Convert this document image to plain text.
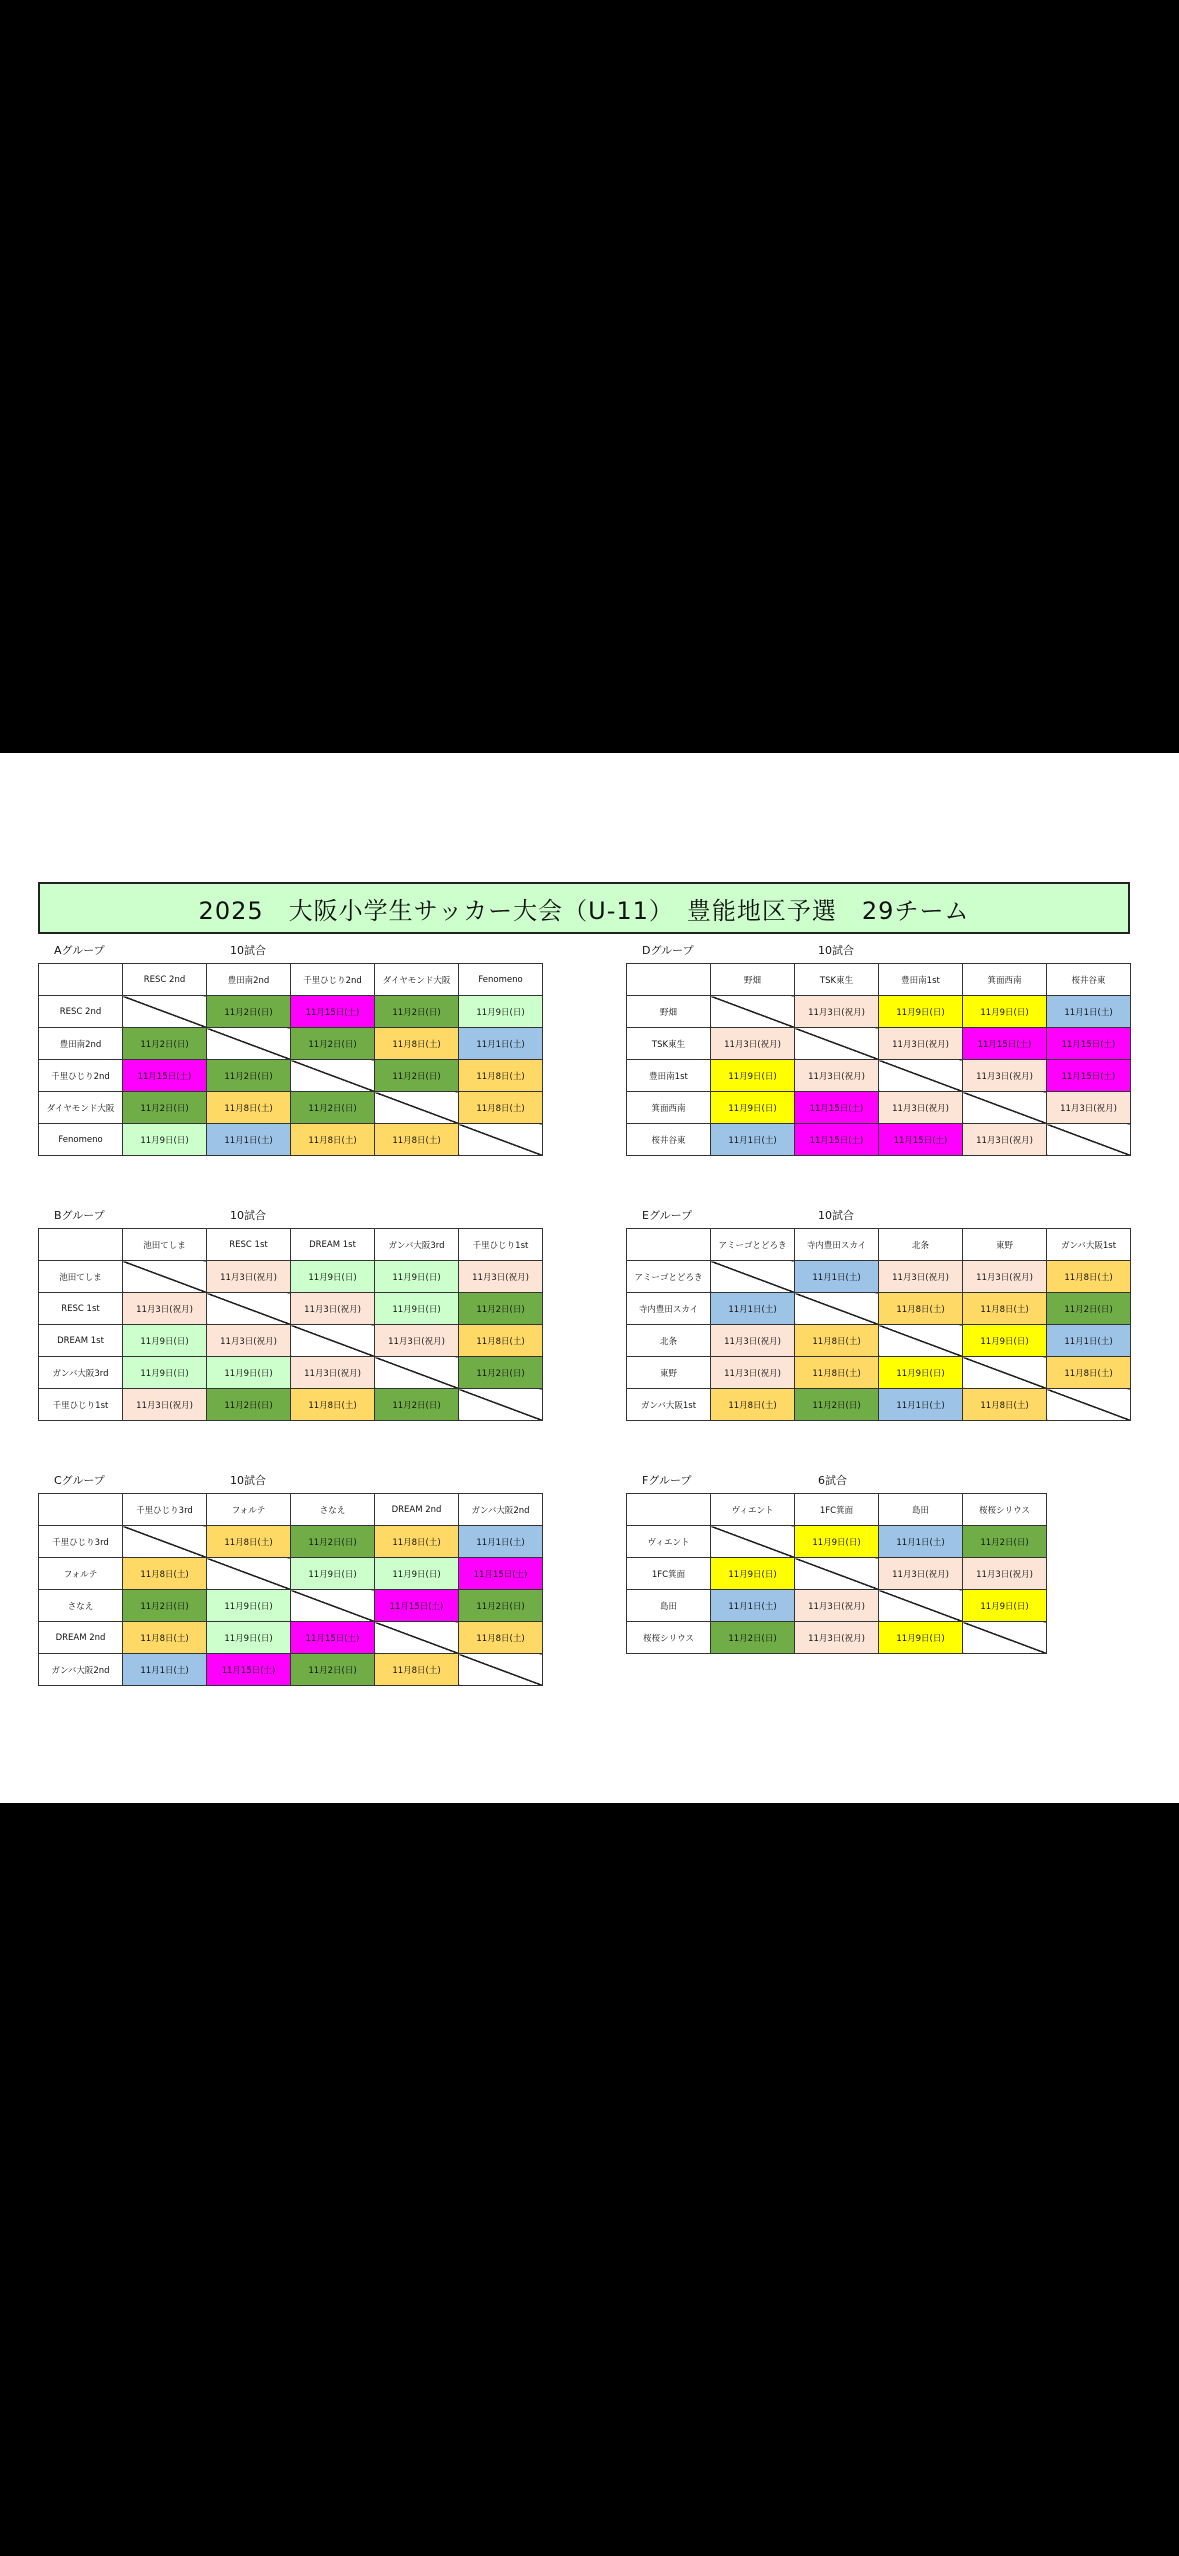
2025　大阪小学生サッカー大会（U-11）　豊能地区予選　29チーム
Aグループ	10試合
	RESC 2nd	豊田南2nd	千里ひじり2nd	ダイヤモンド大阪	Fenomeno
RESC 2nd		11月2日(日)	11月15日(土)	11月2日(日)	11月9日(日)
豊田南2nd	11月2日(日)		11月2日(日)	11月8日(土)	11月1日(土)
千里ひじり2nd	11月15日(土)	11月2日(日)		11月2日(日)	11月8日(土)
ダイヤモンド大阪	11月2日(日)	11月8日(土)	11月2日(日)		11月8日(土)
Fenomeno	11月9日(日)	11月1日(土)	11月8日(土)	11月8日(土)	
Bグループ	10試合
	池田てしま	RESC 1st	DREAM 1st	ガンバ大阪3rd	千里ひじり1st
池田てしま		11月3日(祝月)	11月9日(日)	11月9日(日)	11月3日(祝月)
RESC 1st	11月3日(祝月)		11月3日(祝月)	11月9日(日)	11月2日(日)
DREAM 1st	11月9日(日)	11月3日(祝月)		11月3日(祝月)	11月8日(土)
ガンバ大阪3rd	11月9日(日)	11月9日(日)	11月3日(祝月)		11月2日(日)
千里ひじり1st	11月3日(祝月)	11月2日(日)	11月8日(土)	11月2日(日)	
Cグループ	10試合
	千里ひじり3rd	フォルテ	さなえ	DREAM 2nd	ガンバ大阪2nd
千里ひじり3rd		11月8日(土)	11月2日(日)	11月8日(土)	11月1日(土)
フォルテ	11月8日(土)		11月9日(日)	11月9日(日)	11月15日(土)
さなえ	11月2日(日)	11月9日(日)		11月15日(土)	11月2日(日)
DREAM 2nd	11月8日(土)	11月9日(日)	11月15日(土)		11月8日(土)
ガンバ大阪2nd	11月1日(土)	11月15日(土)	11月2日(日)	11月8日(土)	
Dグループ	10試合
	野畑	TSK東生	豊田南1st	箕面西南	桜井谷東
野畑		11月3日(祝月)	11月9日(日)	11月9日(日)	11月1日(土)
TSK東生	11月3日(祝月)		11月3日(祝月)	11月15日(土)	11月15日(土)
豊田南1st	11月9日(日)	11月3日(祝月)		11月3日(祝月)	11月15日(土)
箕面西南	11月9日(日)	11月15日(土)	11月3日(祝月)		11月3日(祝月)
桜井谷東	11月1日(土)	11月15日(土)	11月15日(土)	11月3日(祝月)	
Eグループ	10試合
	アミーゴとどろき	寺内豊田スカイ	北条	東野	ガンバ大阪1st
アミーゴとどろき		11月1日(土)	11月3日(祝月)	11月3日(祝月)	11月8日(土)
寺内豊田スカイ	11月1日(土)		11月8日(土)	11月8日(土)	11月2日(日)
北条	11月3日(祝月)	11月8日(土)		11月9日(日)	11月1日(土)
東野	11月3日(祝月)	11月8日(土)	11月9日(日)		11月8日(土)
ガンバ大阪1st	11月8日(土)	11月2日(日)	11月1日(土)	11月8日(土)	
Fグループ	6試合
	ヴィエント	1FC箕面	島田	桜桜シリウス
ヴィエント		11月9日(日)	11月1日(土)	11月2日(日)
1FC箕面	11月9日(日)		11月3日(祝月)	11月3日(祝月)
島田	11月1日(土)	11月3日(祝月)		11月9日(日)
桜桜シリウス	11月2日(日)	11月3日(祝月)	11月9日(日)	
